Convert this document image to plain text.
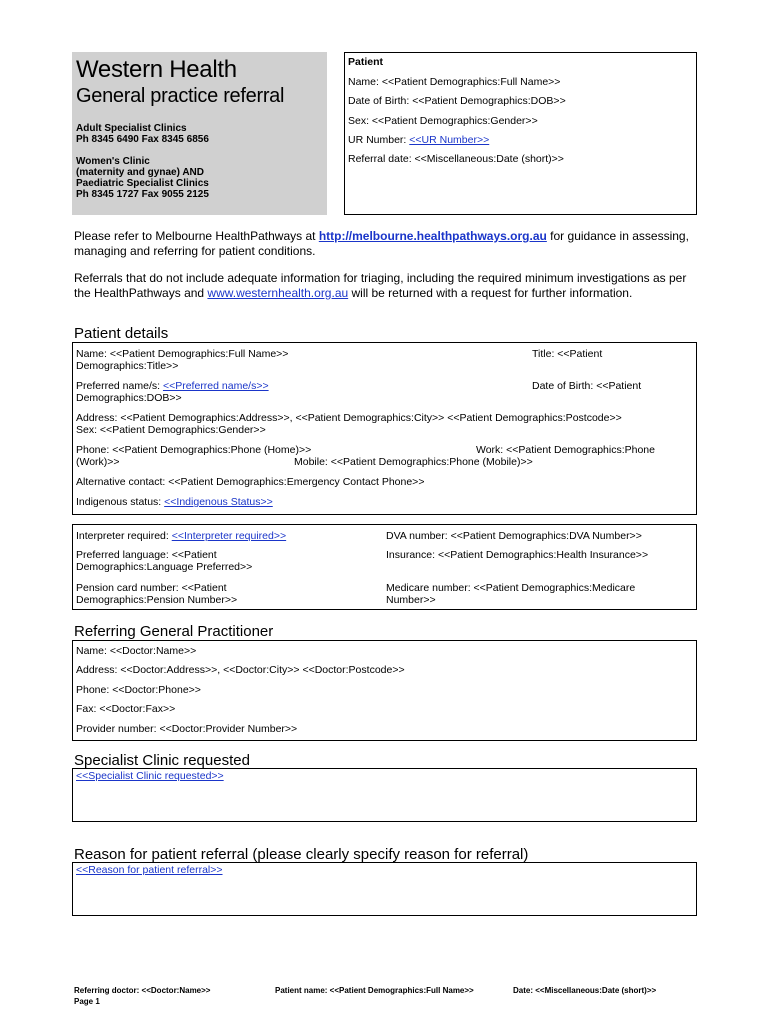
Western Health
General practice referral
Adult Specialist Clinics
Ph 8345 6490 Fax 8345 6856
Women's Clinic
(maternity and gynae) AND
Paediatric Specialist Clinics
Ph 8345 1727 Fax 9055 2125
Patient
Name: <<Patient Demographics:Full Name>>
Date of Birth: <<Patient Demographics:DOB>>
Sex: <<Patient Demographics:Gender>>
UR Number: <<UR Number>>
Referral date: <<Miscellaneous:Date (short)>>
Please refer to Melbourne HealthPathways at http://melbourne.healthpathways.org.au for guidance in assessing, managing and referring for patient conditions.
Referrals that do not include adequate information for triaging, including the required minimum investigations as per the HealthPathways and www.westernhealth.org.au will be returned with a request for further information.
Patient details
Name: <<Patient Demographics:Full Name>>	Title: <<Patient
Demographics:Title>>
Preferred name/s: <<Preferred name/s>>	Date of Birth: <<Patient
Demographics:DOB>>
Address: <<Patient Demographics:Address>>, <<Patient Demographics:City>> <<Patient Demographics:Postcode>>
Sex: <<Patient Demographics:Gender>>
Phone: <<Patient Demographics:Phone (Home)>>	Work: <<Patient Demographics:Phone
(Work)>>	Mobile: <<Patient Demographics:Phone (Mobile)>>
Alternative contact: <<Patient Demographics:Emergency Contact Phone>>
Indigenous status: <<Indigenous Status>>
Interpreter required: <<Interpreter required>>	DVA number: <<Patient Demographics:DVA Number>>
Preferred language: <<Patient
Demographics:Language Preferred>>
Insurance: <<Patient Demographics:Health Insurance>>
Pension card number: <<Patient
Demographics:Pension Number>>
Medicare number: <<Patient Demographics:Medicare
Number>>
Referring General Practitioner
Name: <<Doctor:Name>>
Address: <<Doctor:Address>>, <<Doctor:City>> <<Doctor:Postcode>>
Phone: <<Doctor:Phone>>
Fax: <<Doctor:Fax>>
Provider number: <<Doctor:Provider Number>>
Specialist Clinic requested
<<Specialist Clinic requested>>
Reason for patient referral (please clearly specify reason for referral)
<<Reason for patient referral>>
Referring doctor: <<Doctor:Name>>	Patient name: <<Patient Demographics:Full Name>>	Date: <<Miscellaneous:Date (short)>>
Page 1
